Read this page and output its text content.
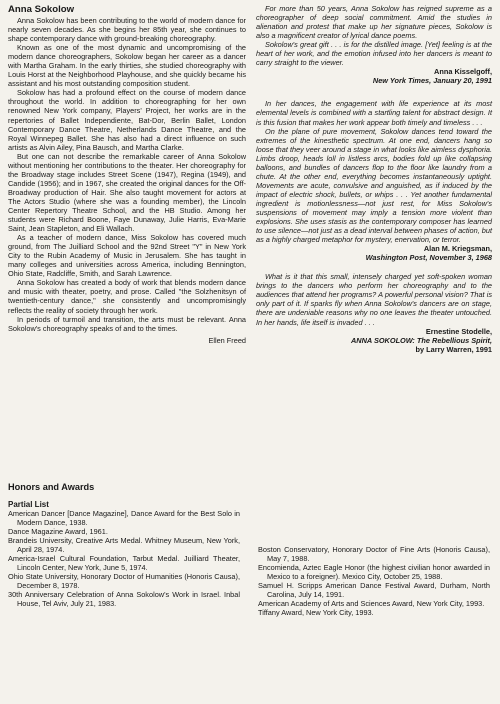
Anna Sokolow

Anna Sokolow has been contributing to the world of modern dance for nearly seven decades. As she begins her 85th year, she continues to shape contemporary dance with ground-breaking choreography.

Known as one of the most dynamic and uncompromising of the modern dance choreographers, Sokolow began her career as a dancer with Martha Graham. In the early thirties, she studied choreography with Louis Horst at the Neighborhood Playhouse, and she quickly became his assistant and his most outstanding composition student.

Sokolow has had a profound effect on the course of modern dance throughout the world. In addition to choreographing for her own renowned New York company, Players' Project, her works are in the repertories of Ballet Independiente, Bat-Dor, Berlin Ballet, London Contemporary Dance Theatre, Netherlands Dance Theatre, and the Royal Winnepeg Ballet. She has also had a direct influence on such artists as Alvin Ailey, Pina Bausch, and Martha Clarke.

But one can not describe the remarkable career of Anna Sokolow without mentioning her contributions to the theater. Her choreography for the Broadway stage includes Street Scene (1947), Regina (1949), and Candide (1956); and in 1967, she created the original dances for the Off-Broadway production of Hair. She also taught movement for actors at The Actors Studio (where she was a founding member), the Lincoln Center Repertory Theatre School, and the HB Studio. Among her students were Richard Boone, Faye Dunaway, Julie Harris, Eva-Marie Saint, Jean Stapleton, and Eli Wallach.

As a teacher of modern dance, Miss Sokolow has covered much ground, from The Juilliard School and the 92nd Street "Y" in New York City to the Rubin Academy of Music in Jerusalem. She has taught in many colleges and universities across America, including Bennington, Ohio State, Radcliffe, Smith, and Sarah Lawrence.

Anna Sokolow has created a body of work that blends modern dance and music with theater, poetry, and prose. Called "the Solzhenitsyn of twentieth-century dance," she consistently and uncompromisingly reflects the reality of society through her work.

In periods of turmoil and transition, the arts must be relevant. Anna Sokolow's choreography speaks of and to the times.

Ellen Freed

For more than 50 years, Anna Sokolow has reigned supreme as a choreographer of deep social commitment. Amid the studies in alienation and protest that make up her signature pieces, Sokolow is also a magnificent creator of lyrical dance poems.

Sokolow's great gift . . . is for the distilled image. [Yet] feeling is at the heart of her work, and the emotion infused into her dancers is meant to carry straight to the viewer.

Anna Kisselgoff,

New York Times, January 20, 1991

In her dances, the engagement with life experience at its most elemental levels is combined with a startling talent for abstract design. It is this fusion that makes her work appear both timely and timeless . . .

On the plane of pure movement, Sokolow dances tend toward the extremes of the kinesthetic spectrum. At one end, dancers hang so loose that they veer around a stage in what looks like aimless dysphoria. Limbs droop, heads loll in listless arcs, bodies fold up like collapsing balloons, and bundles of dancers flop to the floor like laundry from a chute. At the other end, everything becomes instantaneously uptight. Movements are acute, convulsive and anguished, as if induced by the impact of electric shock, bullets, or whips . . . Yet another fundamental ingredient is motionlessness—not just rest, for Miss Sokolow's suspensions of movement may imply a tension more violent than explosions. She uses stasis as the contemporary composer has learned to use silence—not just as a dead interval between phases of action, but as a highly charged metaphor for mystery, enervation, or terror.

Alan M. Kriegsman,

Washington Post, November 3, 1968

What is it that this small, intensely charged yet soft-spoken woman brings to the dancers who perform her choreography and to the audiences that attend her programs? A powerful personal vision? That is only part of it. If sparks fly when Anna Sokolow's dancers are on stage, there are undeniable reasons why no one leaves the theater untouched. In her hands, life itself is invaded . . .

Ernestine Stodelle,

ANNA SOKOLOW: The Rebellious Spirit,

by Larry Warren, 1991

Honors and Awards
Partial List

American Dancer [Dance Magazine], Dance Award for the Best Solo in Modern Dance, 1938.

Dance Magazine Award, 1961.

Brandeis University, Creative Arts Medal. Whitney Museum, New York, April 28, 1974.

America-Israel Cultural Foundation, Tarbut Medal. Juilliard Theater, Lincoln Center, New York, June 5, 1974.

Ohio State University, Honorary Doctor of Humanities (Honoris Causa), December 8, 1978.

30th Anniversary Celebration of Anna Sokolow's Work in Israel. Inbal House, Tel Aviv, July 21, 1983.

Boston Conservatory, Honorary Doctor of Fine Arts (Honoris Causa), May 7, 1988.

Encomienda, Aztec Eagle Honor (the highest civilian honor awarded in Mexico to a foreigner). Mexico City, October 25, 1988.

Samuel H. Scripps American Dance Festival Award, Durham, North Carolina, July 14, 1991.

American Academy of Arts and Sciences Award, New York City, 1993.

Tiffany Award, New York City, 1993.
